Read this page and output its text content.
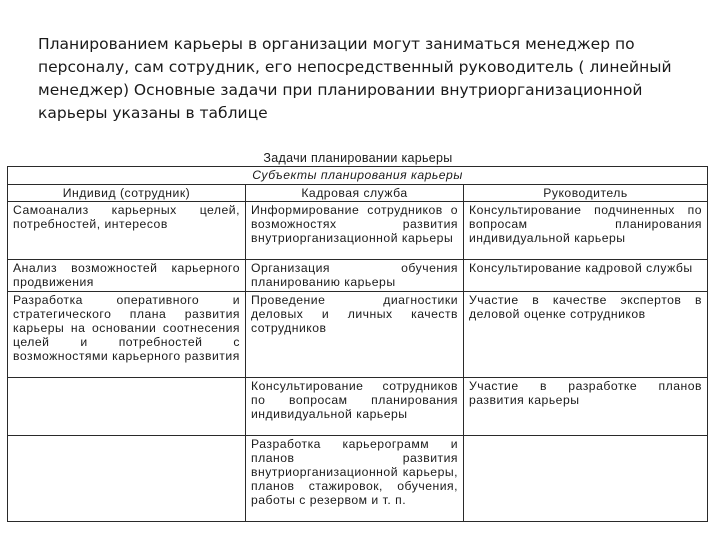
Планированием карьеры в организации могут заниматься менеджер по персоналу, сам сотрудник, его непосредственный руководитель ( линейный менеджер) Основные задачи при планировании внутриорганизационной карьеры указаны в таблице

Задачи планировании карьеры
Субъекты планирования карьеры		
Индивид (сотрудник)	Кадровая служба	Руководитель
Самоанализ карьерных целей, потребностей, интересов	Информирование сотрудников о возможностях развития внутриорганизационной карьеры	Консультирование подчиненных по вопросам планирования индивидуальной карьеры
Анализ возможностей карьерного продвижения	Организация обучения планированию карьеры	Консультирование кадровой службы
Разработка оперативного и стратегического плана развития карьеры на основании соотнесения целей и потребностей с возможностями карьерного развития	Проведение диагностики деловых и личных качеств сотрудников	Участие в качестве экспертов в деловой оценке сотрудников
	Консультирование сотрудников по вопросам планирования индивидуальной карьеры	Участие в разработке планов развития карьеры
	Разработка карьерограмм и планов развития внутриорганизационной карьеры, планов стажировок, обучения, работы с резервом и т. п.	
